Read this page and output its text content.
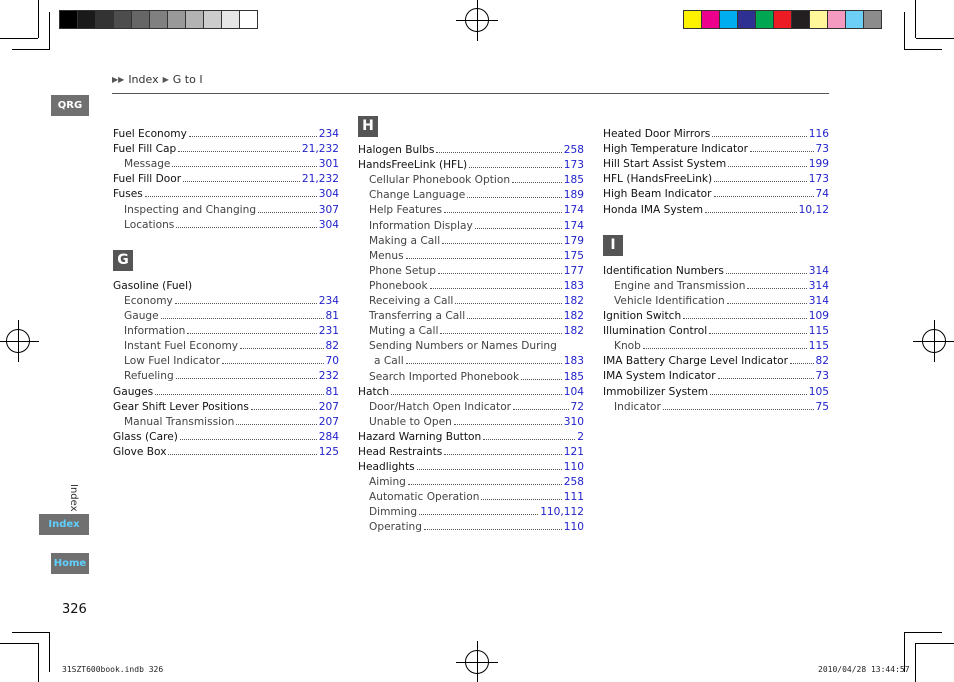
▶▶ Index ▶ G to I
QRG
Index
Index
Home
326
31SZT600book.indb 326	2010/04/28 13:44:57
Fuel Economy	234
Fuel Fill Cap	21,232
Message	301
Fuel Fill Door	21,232
Fuses	304
Inspecting and Changing	307
Locations	304
G
Gasoline (Fuel)
Economy	234
Gauge	81
Information	231
Instant Fuel Economy	82
Low Fuel Indicator	70
Refueling	232
Gauges	81
Gear Shift Lever Positions	207
Manual Transmission	207
Glass (Care)	284
Glove Box	125
H
Halogen Bulbs	258
HandsFreeLink (HFL)	173
Cellular Phonebook Option	185
Change Language	189
Help Features	174
Information Display	174
Making a Call	179
Menus	175
Phone Setup	177
Phonebook	183
Receiving a Call	182
Transferring a Call	182
Muting a Call	182
Sending Numbers or Names During
a Call	183
Search Imported Phonebook	185
Hatch	104
Door/Hatch Open Indicator	72
Unable to Open	310
Hazard Warning Button	2
Head Restraints	121
Headlights	110
Aiming	258
Automatic Operation	111
Dimming	110,112
Operating	110
Heated Door Mirrors	116
High Temperature Indicator	73
Hill Start Assist System	199
HFL (HandsFreeLink)	173
High Beam Indicator	74
Honda IMA System	10,12
I
Identification Numbers	314
Engine and Transmission	314
Vehicle Identification	314
Ignition Switch	109
Illumination Control	115
Knob	115
IMA Battery Charge Level Indicator	82
IMA System Indicator	73
Immobilizer System	105
Indicator	75
